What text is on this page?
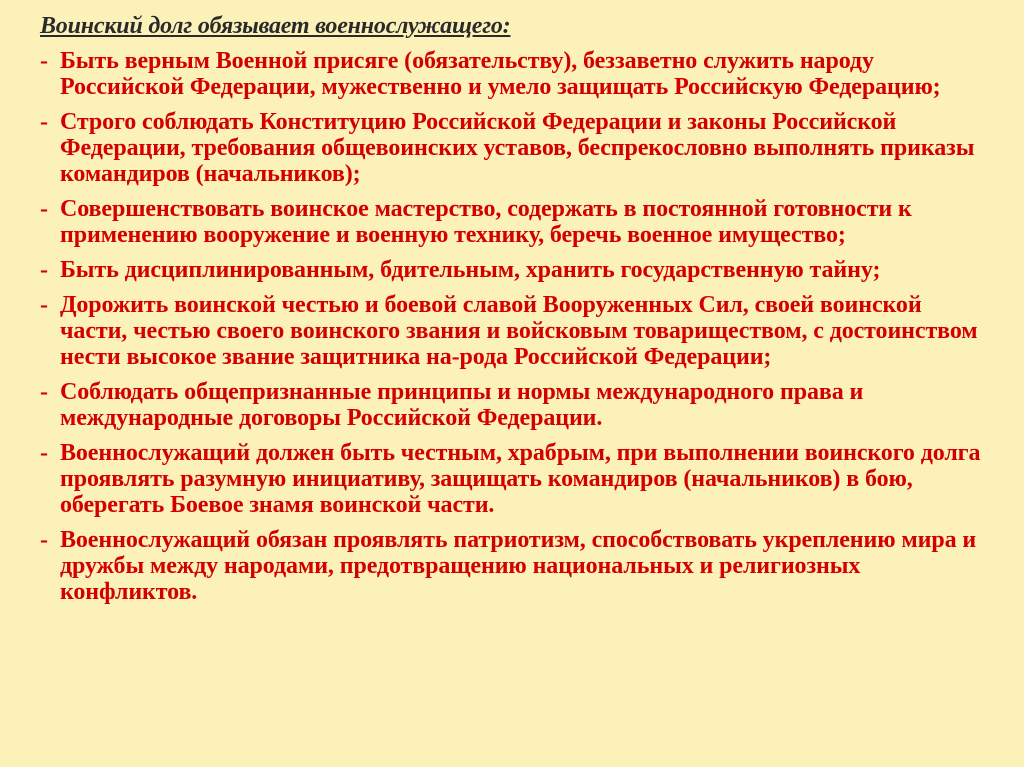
Воинский долг обязывает военнослужащего:
- Быть верным Военной присяге (обязательству), беззаветно служить народу Российской Федерации, мужественно и умело защищать Российскую Федерацию;
- Строго соблюдать Конституцию Российской Федерации и законы Российской Федерации, требования общевоинских уставов, беспрекословно выполнять приказы командиров (начальников);
- Совершенствовать воинское мастерство, содержать в постоянной готовности к применению вооружение и военную технику, беречь военное имущество;
- Быть дисциплинированным, бдительным, хранить государственную тайну;
- Дорожить воинской честью и боевой славой Вооруженных Сил, своей воинской части, честью своего воинского звания и войсковым товариществом, с достоинством нести высокое звание защитника на-рода Российской Федерации;
- Соблюдать общепризнанные принципы и нормы международного права и международные договоры Российской Федерации.
- Военнослужащий должен быть честным, храбрым, при выполнении воинского долга проявлять разумную инициативу, защищать командиров (начальников) в бою, оберегать Боевое знамя воинской части.
- Военнослужащий обязан проявлять патриотизм, способствовать укреплению мира и дружбы между народами, предотвращению национальных и религиозных конфликтов.
